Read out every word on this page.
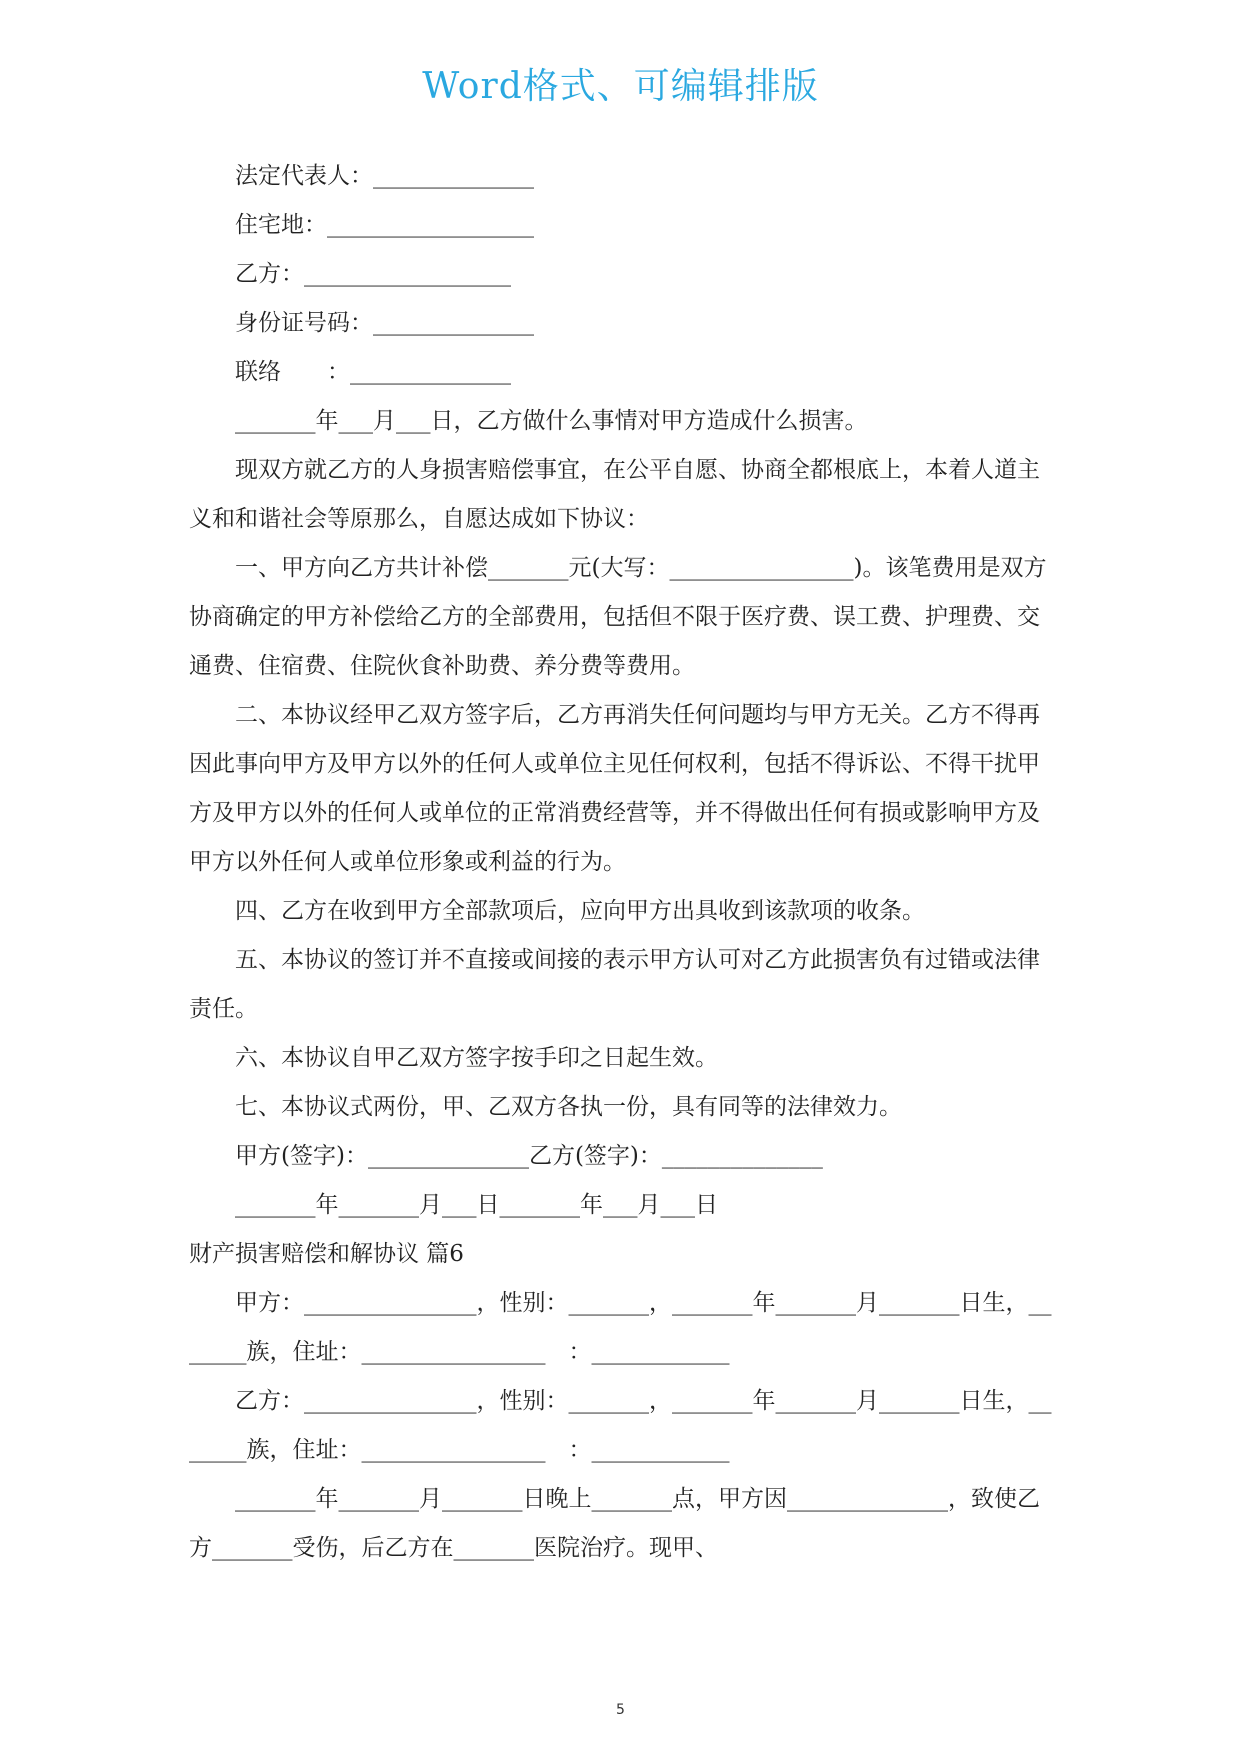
Word格式、可编辑排版

法定代表人：______________

住宅地：__________________

乙方：__________________

身份证号码：______________

联络　　：______________

_______年___月___日，乙方做什么事情对甲方造成什么损害。

现双方就乙方的人身损害赔偿事宜，在公平自愿、协商全都根底上，本着人道主义和和谐社会等原那么，自愿达成如下协议：

一、甲方向乙方共计补偿_______元(大写：________________)。该笔费用是双方协商确定的甲方补偿给乙方的全部费用，包括但不限于医疗费、误工费、护理费、交通费、住宿费、住院伙食补助费、养分费等费用。

二、本协议经甲乙双方签字后，乙方再消失任何问题均与甲方无关。乙方不得再因此事向甲方及甲方以外的任何人或单位主见任何权利，包括不得诉讼、不得干扰甲方及甲方以外的任何人或单位的正常消费经营等，并不得做出任何有损或影响甲方及甲方以外任何人或单位形象或利益的行为。

四、乙方在收到甲方全部款项后，应向甲方出具收到该款项的收条。

五、本协议的签订并不直接或间接的表示甲方认可对乙方此损害负有过错或法律责任。

六、本协议自甲乙双方签字按手印之日起生效。

七、本协议式两份，甲、乙双方各执一份，具有同等的法律效力。

甲方(签字)：______________乙方(签字)：______________

_______年_______月___日_______年___月___日

财产损害赔偿和解协议 篇6

甲方：_______________，性别：_______，_______年_______月_______日生，_______族，住址：________________　：____________

乙方：_______________，性别：_______，_______年_______月_______日生，_______族，住址：________________　：____________

_______年_______月_______日晚上_______点，甲方因______________，致使乙方_______受伤，后乙方在_______医院治疗。现甲、

5
